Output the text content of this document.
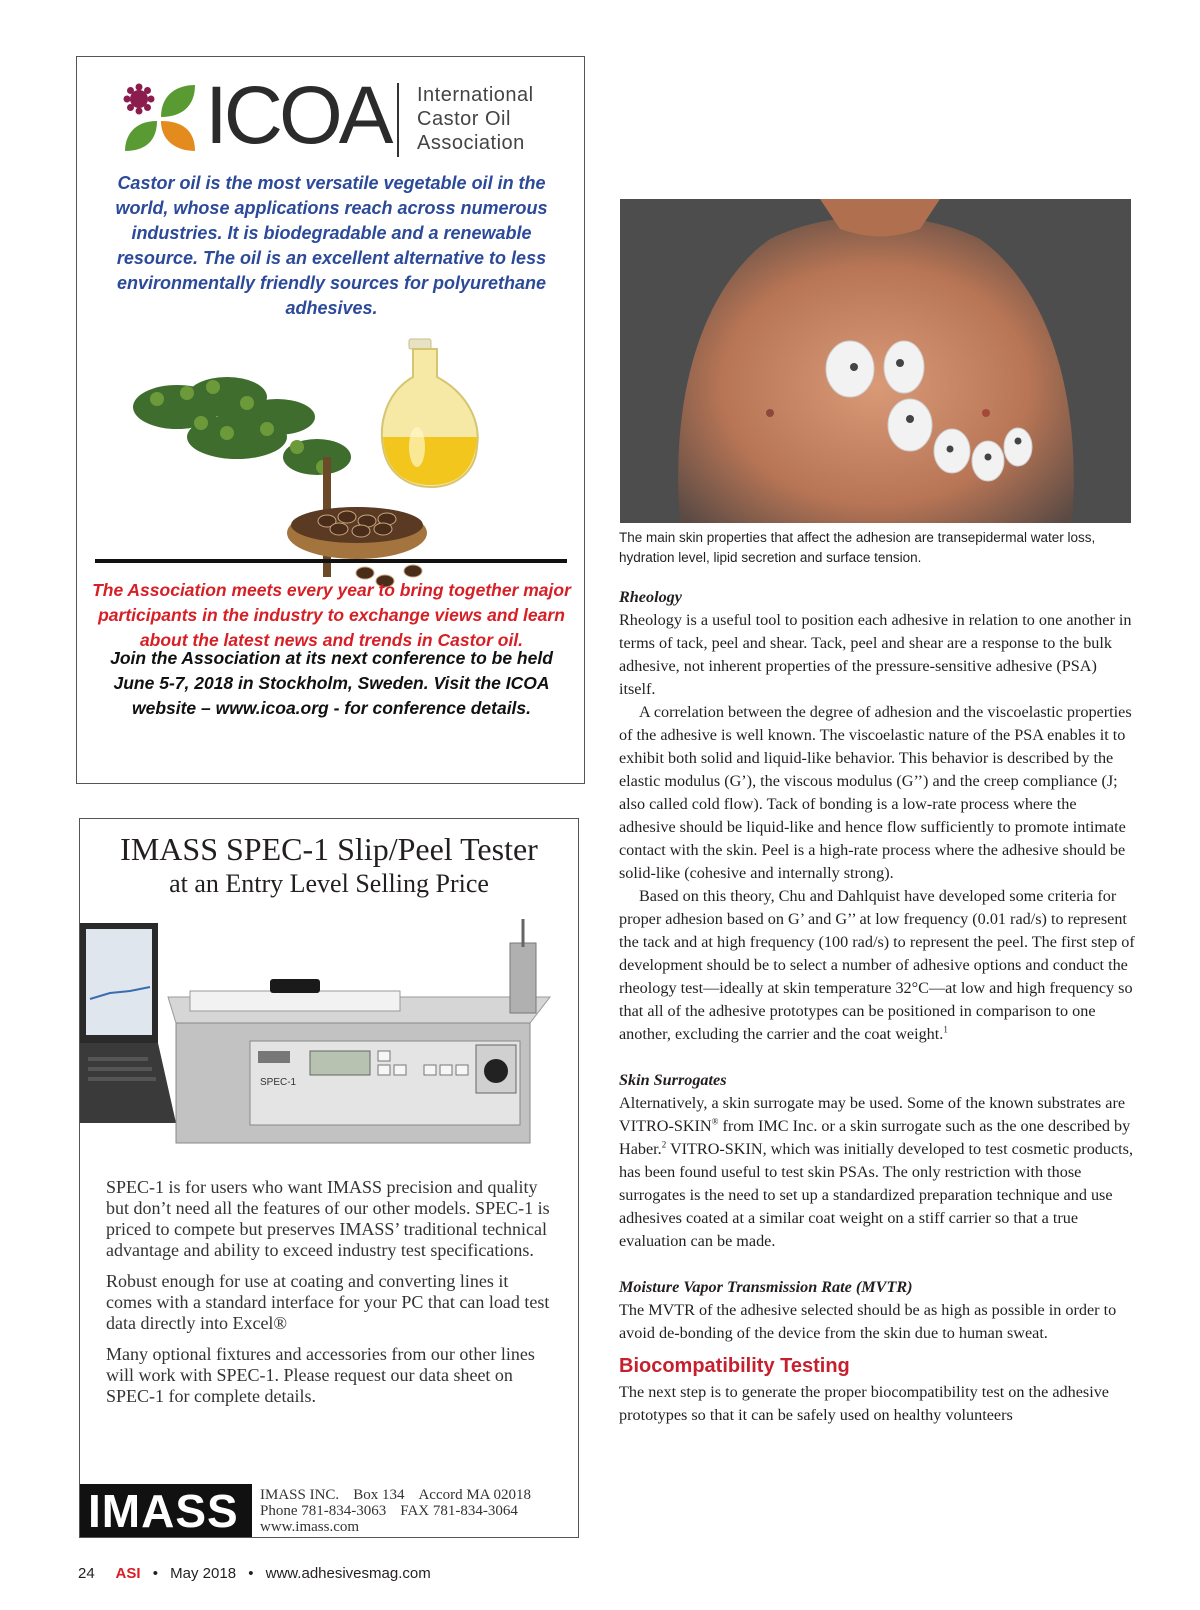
ICOA International
Castor Oil
Association
Castor oil is the most versatile vegetable oil in the world, whose applications reach across numerous industries. It is biodegradable and a renewable resource. The oil is an excellent alternative to less environmentally friendly sources for polyurethane adhesives.
The Association meets every year to bring together major participants in the industry to exchange views and learn about the latest news and trends in Castor oil.
Join the Association at its next conference to be held June 5-7, 2018 in Stockholm, Sweden. Visit the ICOA website – www.icoa.org - for conference details.
IMASS SPEC-1 Slip/Peel Tester
at an Entry Level Selling Price
SPEC-1

SPEC-1 is for users who want IMASS precision and quality but don’t need all the features of our other models. SPEC-1 is priced to compete but preserves IMASS’ traditional technical advantage and ability to exceed industry test specifications.

Robust enough for use at coating and converting lines it comes with a standard interface for your PC that can load test data directly into Excel®

Many optional fixtures and accessories from our other lines will work with SPEC-1. Please request our data sheet on SPEC-1 for complete details.

IMASS IMASS INC. Box 134 Accord MA 02018
Phone 781-834-3063 FAX 781-834-3064
www.imass.com
The main skin properties that affect the adhesion are transepidermal water loss, hydration level, lipid secretion and surface tension.
Rheology

Rheology is a useful tool to position each adhesive in relation to one another in terms of tack, peel and shear. Tack, peel and shear are a response to the bulk adhesive, not inherent properties of the pressure-sensitive adhesive (PSA) itself.

A correlation between the degree of adhesion and the viscoelastic properties of the adhesive is well known. The viscoelastic nature of the PSA enables it to exhibit both solid and liquid-like behavior. This behavior is described by the elastic modulus (G’), the viscous modulus (G’’) and the creep compliance (J; also called cold flow). Tack of bonding is a low-rate process where the adhesive should be liquid-like and hence flow sufficiently to promote intimate contact with the skin. Peel is a high-rate process where the adhesive should be solid-like (cohesive and internally strong).

Based on this theory, Chu and Dahlquist have developed some criteria for proper adhesion based on G’ and G’’ at low frequency (0.01 rad/s) to represent the tack and at high frequency (100 rad/s) to represent the peel. The first step of development should be to select a number of adhesive options and conduct the rheology test—ideally at skin temperature 32°C—at low and high frequency so that all of the adhesive prototypes can be positioned in comparison to one another, excluding the carrier and the coat weight.$^1$

Skin Surrogates

Alternatively, a skin surrogate may be used. Some of the known substrates are VITRO-SKIN® from IMC Inc. or a skin surrogate such as the one described by Haber.$^2$ VITRO-SKIN, which was initially developed to test cosmetic products, has been found useful to test skin PSAs. The only restriction with those surrogates is the need to set up a standardized preparation technique and use adhesives coated at a similar coat weight on a stiff carrier so that a true evaluation can be made.

Moisture Vapor Transmission Rate (MVTR)

The MVTR of the adhesive selected should be as high as possible in order to avoid de-bonding of the device from the skin due to human sweat.

Biocompatibility Testing

The next step is to generate the proper biocompatibility test on the adhesive prototypes so that it can be safely used on healthy volunteers

24 ASI • May 2018 • www.adhesivesmag.com
